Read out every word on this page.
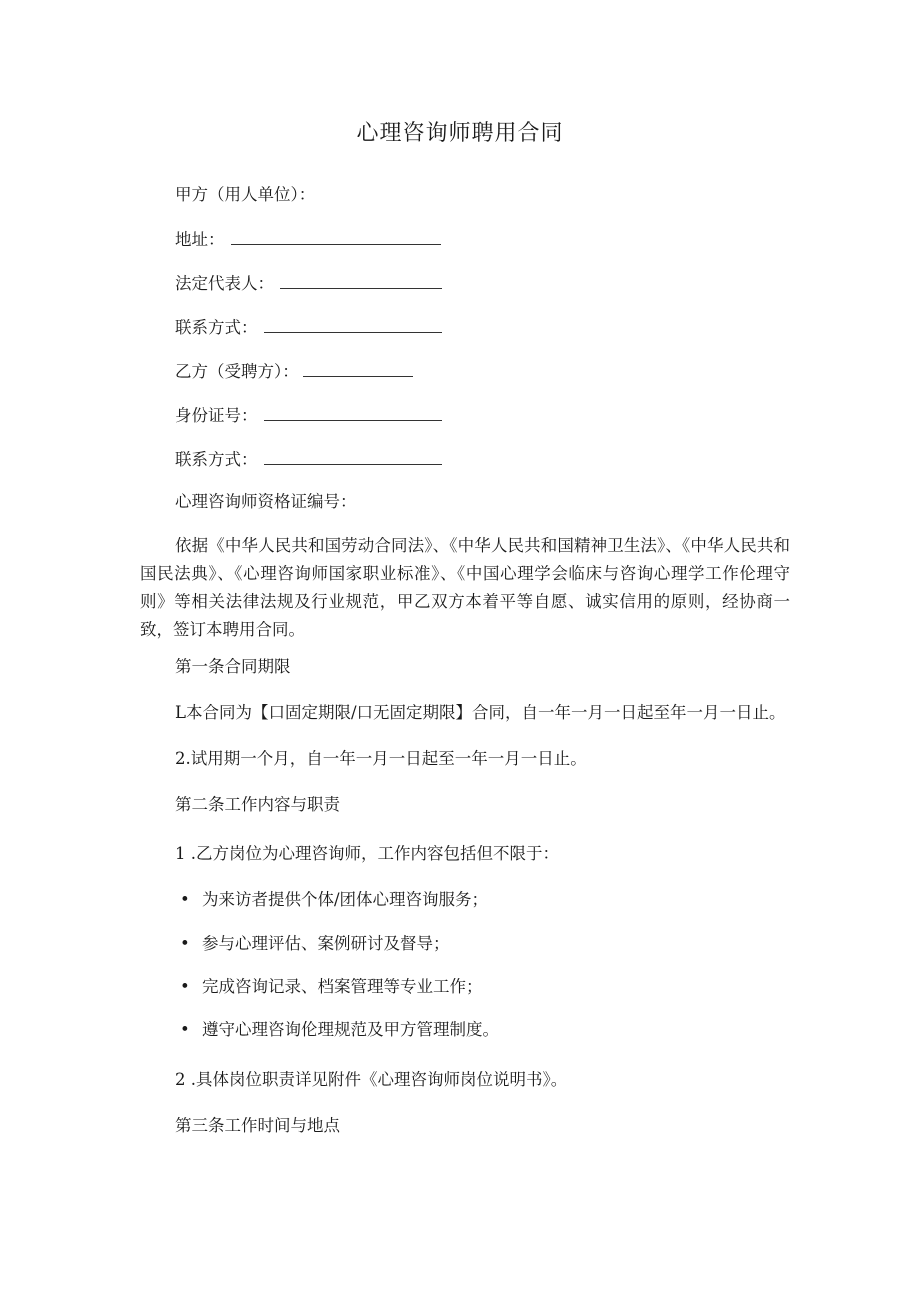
心理咨询师聘用合同
甲方（用人单位）：
地址：
法定代表人：
联系方式：
乙方（受聘方）：
身份证号：
联系方式：
心理咨询师资格证编号：
依据《中华人民共和国劳动合同法》、《中华人民共和国精神卫生法》、《中华人民共和国民法典》、《心理咨询师国家职业标准》、《中国心理学会临床与咨询心理学工作伦理守则》等相关法律法规及行业规范，甲乙双方本着平等自愿、诚实信用的原则，经协商一致，签订本聘用合同。
第一条合同期限
L本合同为【口固定期限/口无固定期限】合同，自一年一月一日起至年一月一日止。
2.试用期一个月，自一年一月一日起至一年一月一日止。
第二条工作内容与职责
1 .乙方岗位为心理咨询师，工作内容包括但不限于：
• 为来访者提供个体/团体心理咨询服务；
• 参与心理评估、案例研讨及督导；
• 完成咨询记录、档案管理等专业工作；
• 遵守心理咨询伦理规范及甲方管理制度。
2 .具体岗位职责详见附件《心理咨询师岗位说明书》。
第三条工作时间与地点
